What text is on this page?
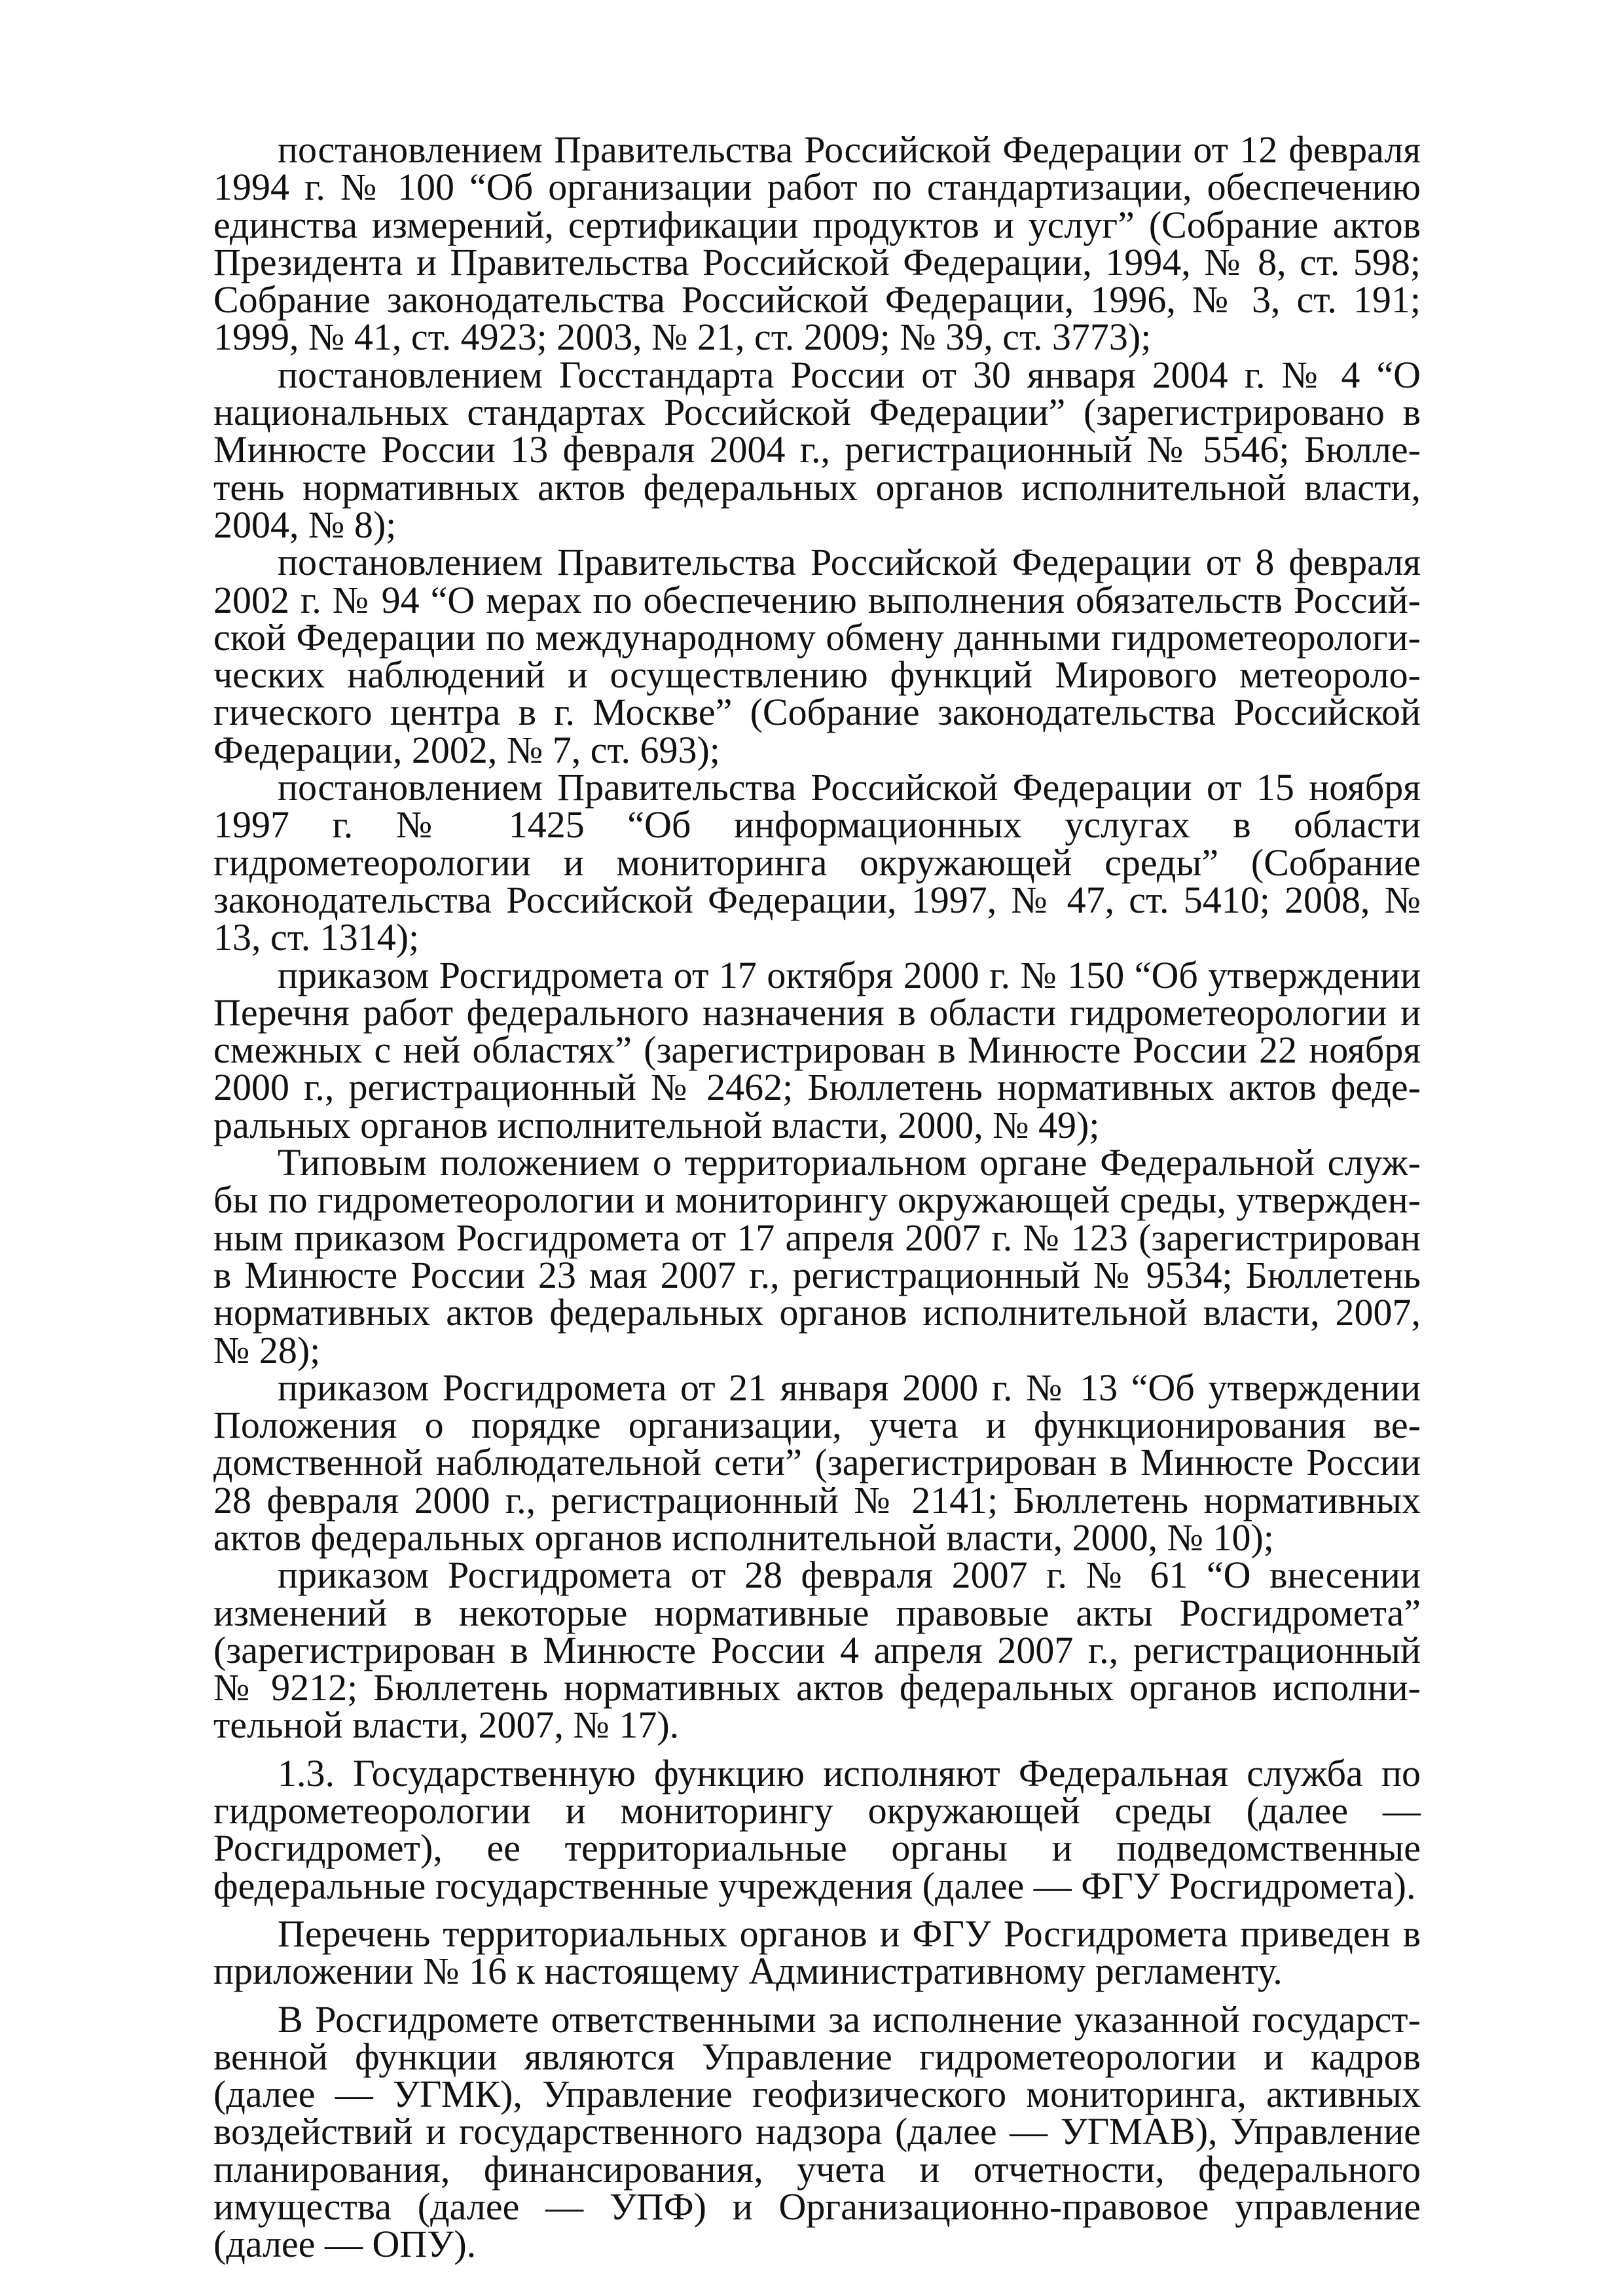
постановлением Правительства Российской Федерации от 12 февраля 1994 г. № 100 “Об организации работ по стандартизации, обеспечению единства измерений, сертификации продуктов и услуг” (Собрание актов Президента и Правительства Российской Федерации, 1994, № 8, ст. 598; Собрание законодательства Российской Федерации, 1996, № 3, ст. 191; 1999, № 41, ст. 4923; 2003, № 21, ст. 2009; № 39, ст. 3773);

постановлением Госстандарта России от 30 января 2004 г. № 4 “О национальных стандартах Российской Федерации” (зарегистрировано в Минюсте России 13 февраля 2004 г., регистрационный № 5546; Бюллетень нормативных актов федеральных органов исполнительной власти, 2004, № 8);

постановлением Правительства Российской Федерации от 8 февраля 2002 г. № 94 “О мерах по обеспечению выполнения обязательств Российской Федерации по международному обмену данными гидрометеорологических наблюдений и осуществлению функций Мирового метеорологического центра в г. Москве” (Собрание законодательства Российской Федерации, 2002, № 7, ст. 693);

постановлением Правительства Российской Федерации от 15 ноября 1997 г. № 1425 “Об информационных услугах в области гидрометеорологии и мониторинга окружающей среды” (Собрание законодательства Российской Федерации, 1997, № 47, ст. 5410; 2008, № 13, ст. 1314);

приказом Росгидромета от 17 октября 2000 г. № 150 “Об утверждении Перечня работ федерального назначения в области гидрометеорологии и смежных с ней областях” (зарегистрирован в Минюсте России 22 ноября 2000 г., регистрационный № 2462; Бюллетень нормативных актов федеральных органов исполнительной власти, 2000, № 49);

Типовым положением о территориальном органе Федеральной службы по гидрометеорологии и мониторингу окружающей среды, утвержденным приказом Росгидромета от 17 апреля 2007 г. № 123 (зарегистрирован в Минюсте России 23 мая 2007 г., регистрационный № 9534; Бюллетень нормативных актов федеральных органов исполнительной власти, 2007, № 28);

приказом Росгидромета от 21 января 2000 г. № 13 “Об утверждении Положения о порядке организации, учета и функционирования ведомственной наблюдательной сети” (зарегистрирован в Минюсте России 28 февраля 2000 г., регистрационный № 2141; Бюллетень нормативных актов федеральных органов исполнительной власти, 2000, № 10);

приказом Росгидромета от 28 февраля 2007 г. № 61 “О внесении изменений в некоторые нормативные правовые акты Росгидромета” (зарегистрирован в Минюсте России 4 апреля 2007 г., регистрационный № 9212; Бюллетень нормативных актов федеральных органов исполнительной власти, 2007, № 17).

1.3. Государственную функцию исполняют Федеральная служба по гидрометеорологии и мониторингу окружающей среды (далее — Росгидромет), ее территориальные органы и подведомственные федеральные государственные учреждения (далее — ФГУ Росгидромета).

Перечень территориальных органов и ФГУ Росгидромета приведен в приложении № 16 к настоящему Административному регламенту.

В Росгидромете ответственными за исполнение указанной государственной функции являются Управление гидрометеорологии и кадров (далее — УГМК), Управление геофизического мониторинга, активных воздействий и государственного надзора (далее — УГМАВ), Управление планирования, финансирования, учета и отчетности, федерального имущества (далее — УПФ) и Организационно-правовое управление (далее — ОПУ).
